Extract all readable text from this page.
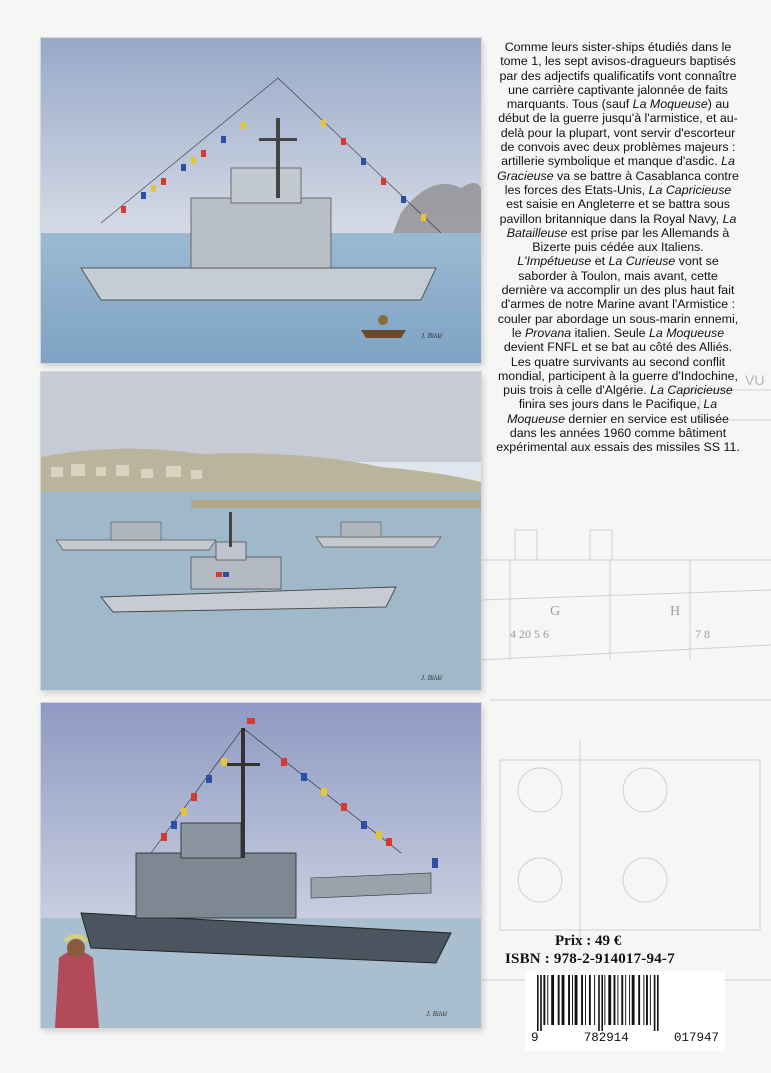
VU
G	H
4 20 5 6	7 8
J. Bildé
J. Bildé
J. Bildé

Comme leurs sister-ships étudiés dans le tome 1, les sept avisos-dragueurs baptisés par des adjectifs qualificatifs vont connaître une carrière captivante jalonnée de faits marquants. Tous (sauf La Moqueuse) au début de la guerre jusqu'à l'armistice, et au-delà pour la plupart, vont servir d'escorteur de convois avec deux problèmes majeurs : artillerie symbolique et manque d'asdic. La Gracieuse va se battre à Casablanca contre les forces des Etats-Unis, La Capricieuse est saisie en Angleterre et se battra sous pavillon britannique dans la Royal Navy, La Batailleuse est prise par les Allemands à Bizerte puis cédée aux Italiens. L'Impétueuse et La Curieuse vont se saborder à Toulon, mais avant, cette dernière va accomplir un des plus haut fait d'armes de notre Marine avant l'Armistice : couler par abordage un sous-marin ennemi, le Provana italien. Seule La Moqueuse devient FNFL et se bat au côté des Alliés. Les quatre survivants au second conflit mondial, participent à la guerre d'Indochine, puis trois à celle d'Algérie. La Capricieuse finira ses jours dans le Pacifique, La Moqueuse dernier en service est utilisée dans les années 1960 comme bâtiment expérimental aux essais des missiles SS 11.

Prix : 49 €
ISBN : 978-2-914017-94-7
9	782914	017947
